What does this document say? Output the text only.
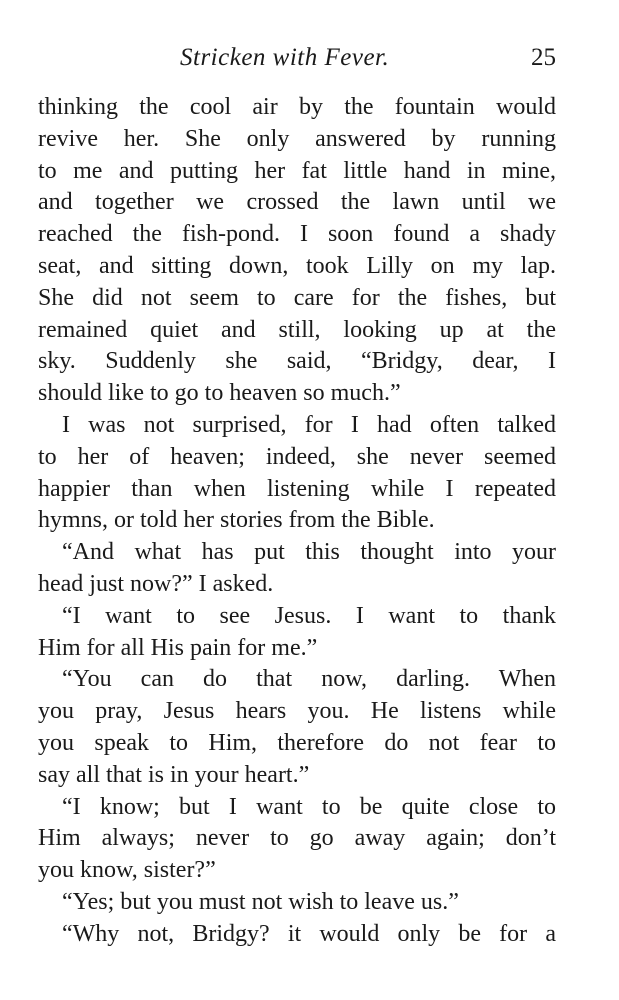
Stricken with Fever.	25
thinking the cool air by the fountain would
revive her. She only answered by running
to me and putting her fat little hand in mine,
and together we crossed the lawn until we
reached the fish-pond. I soon found a shady
seat, and sitting down, took Lilly on my lap.
She did not seem to care for the fishes, but
remained quiet and still, looking up at the
sky. Suddenly she said, “Bridgy, dear, I
should like to go to heaven so much.”
I was not surprised, for I had often talked
to her of heaven; indeed, she never seemed
happier than when listening while I repeated
hymns, or told her stories from the Bible.
“And what has put this thought into your
head just now?” I asked.
“I want to see Jesus. I want to thank
Him for all His pain for me.”
“You can do that now, darling. When
you pray, Jesus hears you. He listens while
you speak to Him, therefore do not fear to
say all that is in your heart.”
“I know; but I want to be quite close to
Him always; never to go away again; don’t
you know, sister?”
“Yes; but you must not wish to leave us.”
“Why not, Bridgy? it would only be for a
